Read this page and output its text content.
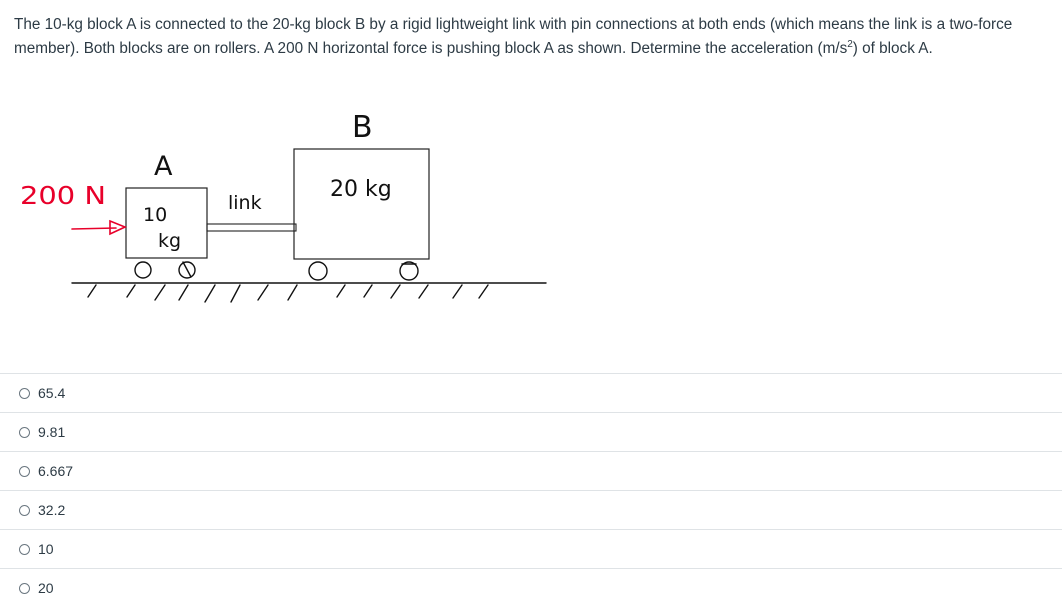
The 10-kg block A is connected to the 20-kg block B by a rigid lightweight link with pin connections at both ends (which means the link is a two-force member). Both blocks are on rollers. A 200 N horizontal force is pushing block A as shown. Determine the acceleration $(m/s^2)$ of block A.
200 N
A
10
kg
link
B
20 kg
65.4
9.81
6.667
32.2
10
20
